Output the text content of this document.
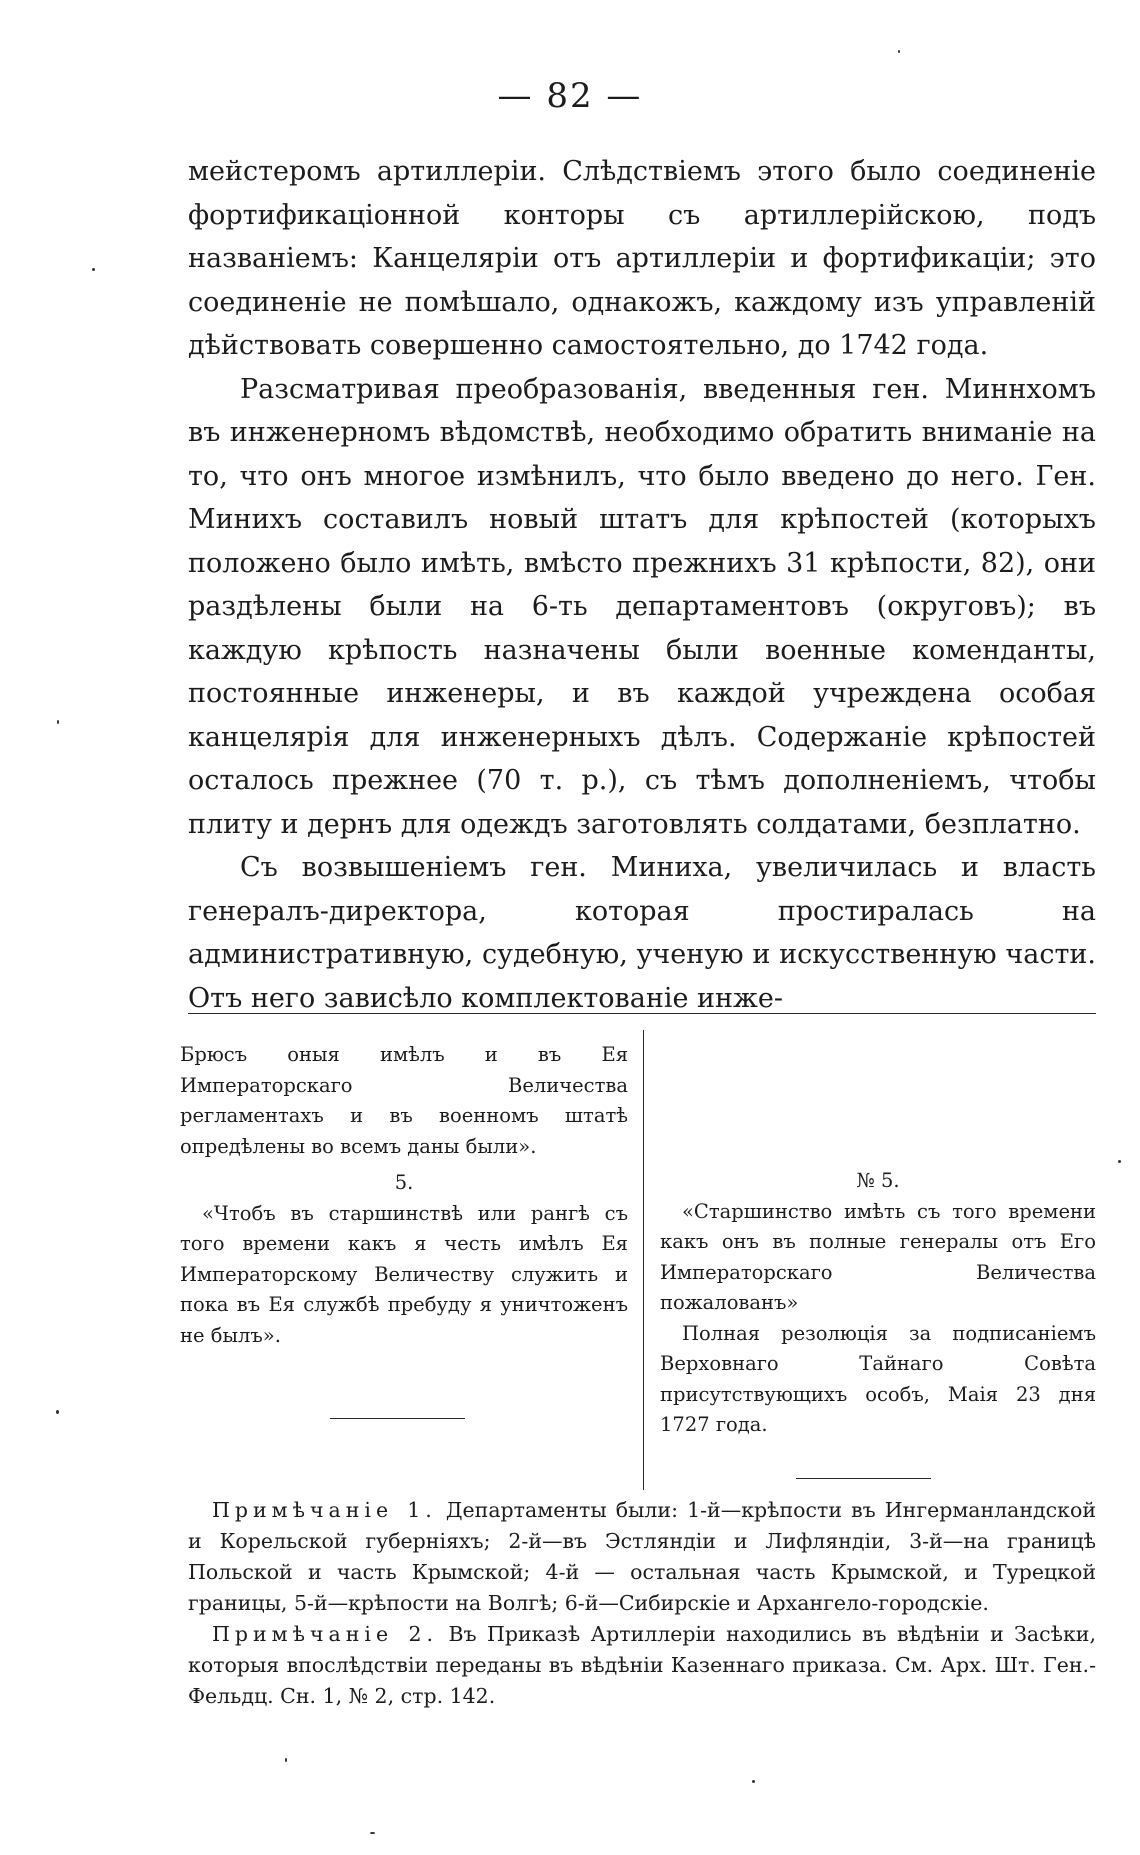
— 82 —

мейстеромъ артиллеріи. Слѣдствіемъ этого было соединеніе фортификаціонной конторы съ артиллерійскою, подъ названіемъ: Канцеляріи отъ артиллеріи и фортификаціи; это соединеніе не помѣшало, однакожъ, каждому изъ управленій дѣйствовать совершенно самостоятельно, до 1742 года.

Разсматривая преобразованія, введенныя ген. Миннхомъ въ инженерномъ вѣдомствѣ, необходимо обратить вниманіе на то, что онъ многое измѣнилъ, что было введено до него. Ген. Минихъ составилъ новый штатъ для крѣпостей (которыхъ положено было имѣть, вмѣсто прежнихъ 31 крѣпости, 82), они раздѣлены были на 6-ть департаментовъ (округовъ); въ каждую крѣпость назначены были военные коменданты, постоянные инженеры, и въ каждой учреждена особая канцелярія для инженерныхъ дѣлъ. Содержаніе крѣпостей осталось прежнее (70 т. р.), съ тѣмъ дополненіемъ, чтобы плиту и дернъ для одеждъ заготовлять солдатами, безплатно.

Съ возвышеніемъ ген. Миниха, увеличилась и власть генералъ-директора, которая простиралась на административную, судебную, ученую и искусственную части. Отъ него зависѣло комплектованіе инже-

Брюсъ оныя имѣлъ и въ Ея Императорскаго Величества регламентахъ и въ военномъ штатѣ опредѣлены во всемъ даны были».

5.

«Чтобъ въ старшинствѣ или рангѣ съ того времени какъ я честь имѣлъ Ея Императорскому Величеству служить и пока въ Ея службѣ пребуду я уничтоженъ не былъ».

№ 5.

«Старшинство имѣть съ того времени какъ онъ въ полные генералы отъ Его Императорскаго Величества пожалованъ»

Полная резолюція за подписаніемъ Верховнаго Тайнаго Совѣта присутствующихъ особъ, Маія 23 дня 1727 года.

Примѣчаніе 1. Департаменты были: 1-й—крѣпости въ Ингерманландской и Корельской губерніяхъ; 2-й—въ Эстляндіи и Лифляндіи, 3-й—на границѣ Польской и часть Крымской; 4-й — остальная часть Крымской, и Турецкой границы, 5-й—крѣпости на Волгѣ; 6-й—Сибирскіе и Архангело-городскіе.

Примѣчаніе 2. Въ Приказѣ Артиллеріи находились въ вѣдѣніи и Засѣки, которыя впослѣдствіи переданы въ вѣдѣніи Казеннаго приказа. См. Арх. Шт. Ген.-Фельдц. Сн. 1, № 2, стр. 142.
